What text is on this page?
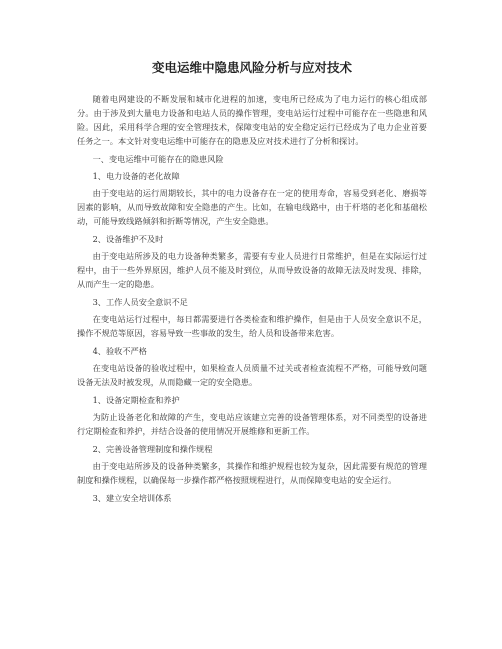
变电运维中隐患风险分析与应对技术

随着电网建设的不断发展和城市化进程的加速，变电所已经成为了电力运行的核心组成部分。由于涉及到大量电力设备和电站人员的操作管理，变电站运行过程中可能存在一些隐患和风险。因此，采用科学合理的安全管理技术，保障变电站的安全稳定运行已经成为了电力企业首要任务之一。本文针对变电运维中可能存在的隐患及应对技术进行了分析和探讨。

一、变电运维中可能存在的隐患风险

1、电力设备的老化故障

由于变电站的运行周期较长，其中的电力设备存在一定的使用寿命，容易受到老化、磨损等因素的影响，从而导致故障和安全隐患的产生。比如，在输电线路中，由于杆塔的老化和基础松动，可能导致线路倾斜和折断等情况，产生安全隐患。

2、设备维护不及时

由于变电站所涉及的电力设备种类繁多，需要有专业人员进行日常维护，但是在实际运行过程中，由于一些外界原因，维护人员不能及时到位，从而导致设备的故障无法及时发现、排除，从而产生一定的隐患。

3、工作人员安全意识不足

在变电站运行过程中，每日都需要进行各类检查和维护操作，但是由于人员安全意识不足，操作不规范等原因，容易导致一些事故的发生，给人员和设备带来危害。

4、验收不严格

在变电站设备的验收过程中，如果检查人员质量不过关或者检查流程不严格，可能导致问题设备无法及时被发现，从而隐藏一定的安全隐患。

1、设备定期检查和养护

为防止设备老化和故障的产生，变电站应该建立完善的设备管理体系，对不同类型的设备进行定期检查和养护，并结合设备的使用情况开展维修和更新工作。

2、完善设备管理制度和操作规程

由于变电站所涉及的设备种类繁多，其操作和维护规程也较为复杂，因此需要有规范的管理制度和操作规程，以确保每一步操作都严格按照规程进行，从而保障变电站的安全运行。

3、建立安全培训体系
